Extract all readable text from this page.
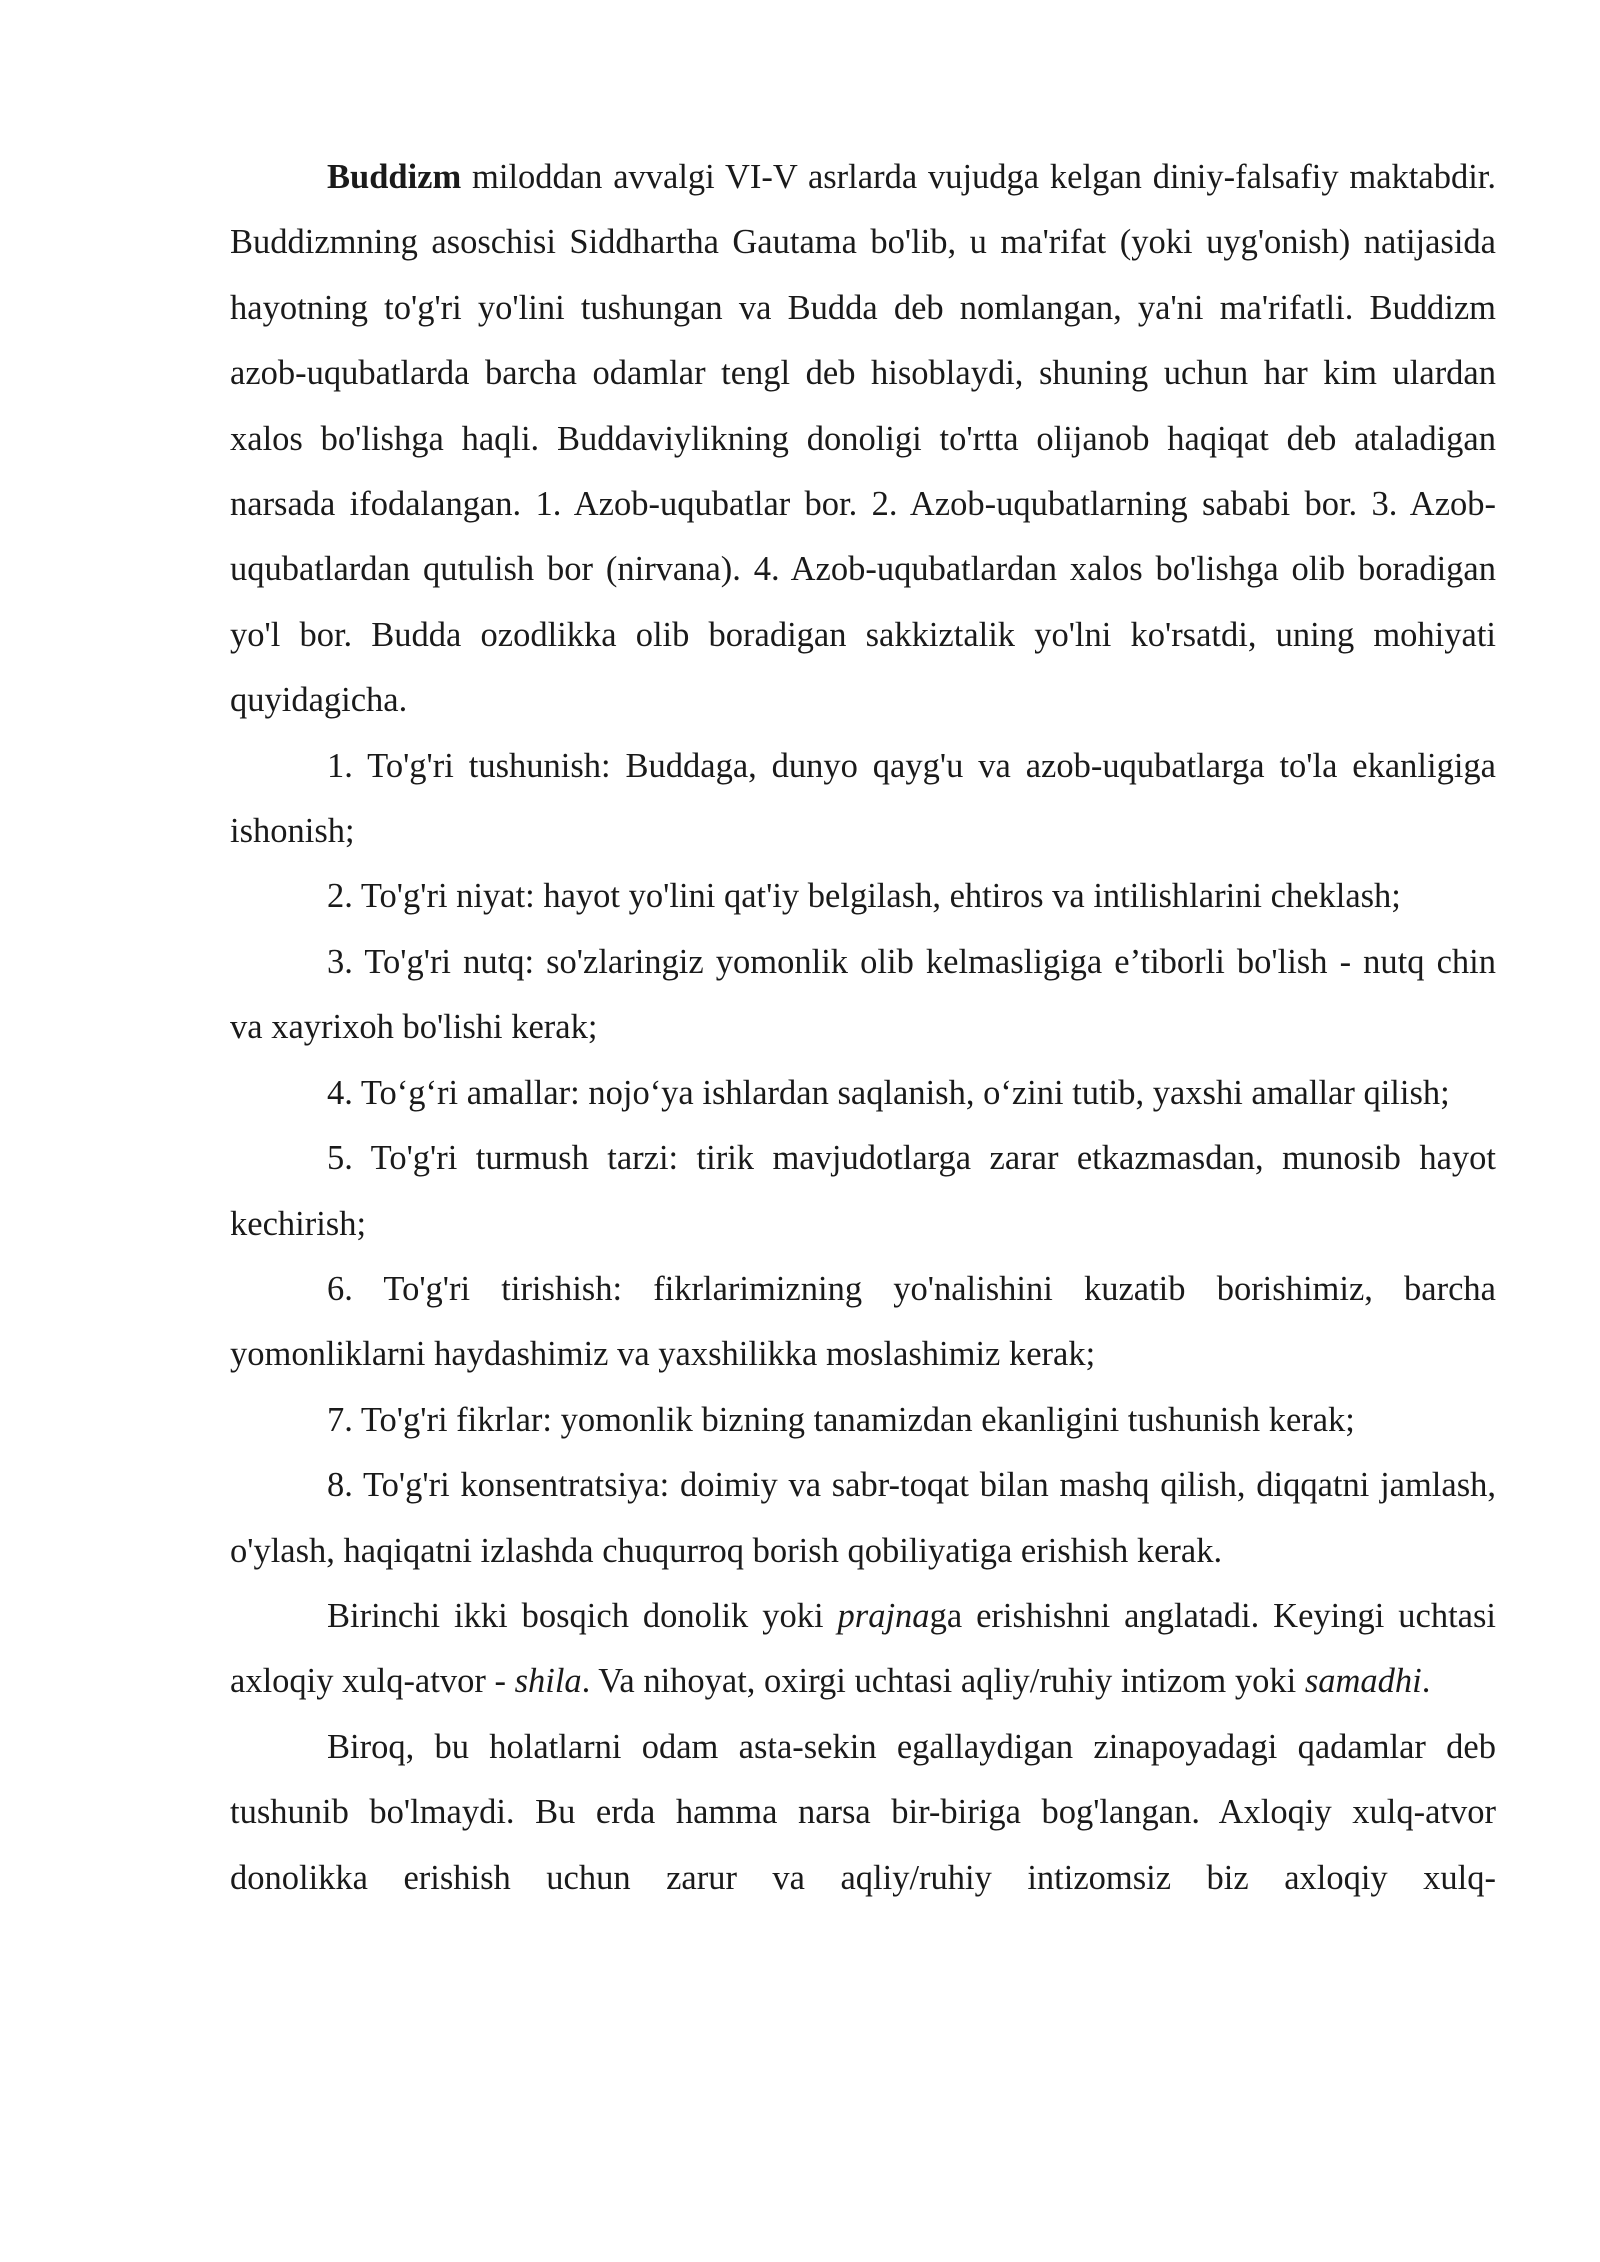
Buddizm miloddan avvalgi VI-V asrlarda vujudga kelgan diniy-falsafiy maktabdir. Buddizmning asoschisi Siddhartha Gautama bo'lib, u ma'rifat (yoki uyg'onish) natijasida hayotning to'g'ri yo'lini tushungan va Budda deb nomlangan, ya'ni ma'rifatli. Buddizm azob-uqubatlarda barcha odamlar tengl deb hisoblaydi, shuning uchun har kim ulardan xalos bo'lishga haqli. Buddaviylikning donoligi to'rtta olijanob haqiqat deb ataladigan narsada ifodalangan. 1. Azob-uqubatlar bor. 2. Azob-uqubatlarning sababi bor. 3. Azob-uqubatlardan qutulish bor (nirvana). 4. Azob-uqubatlardan xalos bo'lishga olib boradigan yo'l bor. Budda ozodlikka olib boradigan sakkiztalik yo'lni ko'rsatdi, uning mohiyati quyidagicha.

1. To'g'ri tushunish: Buddaga, dunyo qayg'u va azob-uqubatlarga to'la ekanligiga ishonish;

2. To'g'ri niyat: hayot yo'lini qat'iy belgilash, ehtiros va intilishlarini cheklash;

3. To'g'ri nutq: so'zlaringiz yomonlik olib kelmasligiga e’tiborli bo'lish - nutq chin va xayrixoh bo'lishi kerak;

4. To‘g‘ri amallar: nojo‘ya ishlardan saqlanish, o‘zini tutib, yaxshi amallar qilish;

5. To'g'ri turmush tarzi: tirik mavjudotlarga zarar etkazmasdan, munosib hayot kechirish;

6. To'g'ri tirishish: fikrlarimizning yo'nalishini kuzatib borishimiz, barcha yomonliklarni haydashimiz va yaxshilikka moslashimiz kerak;

7. To'g'ri fikrlar: yomonlik bizning tanamizdan ekanligini tushunish kerak;

8. To'g'ri konsentratsiya: doimiy va sabr-toqat bilan mashq qilish, diqqatni jamlash, o'ylash, haqiqatni izlashda chuqurroq borish qobiliyatiga erishish kerak.

Birinchi ikki bosqich donolik yoki prajnaga erishishni anglatadi. Keyingi uchtasi axloqiy xulq-atvor - shila. Va nihoyat, oxirgi uchtasi aqliy/ruhiy intizom yoki samadhi.

Biroq, bu holatlarni odam asta-sekin egallaydigan zinapoyadagi qadamlar deb tushunib bo'lmaydi. Bu erda hamma narsa bir-biriga bog'langan. Axloqiy xulq-atvor donolikka erishish uchun zarur va aqliy/ruhiy intizomsiz biz axloqiy xulq-
